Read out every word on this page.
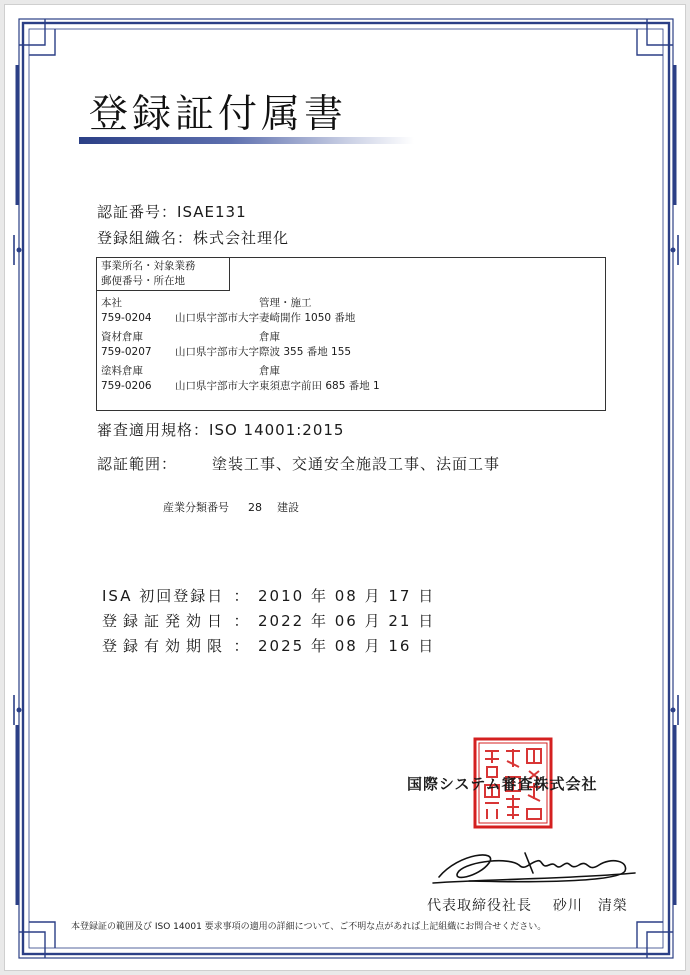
登録証付属書
認証番号：ISAE131
登録組織名：株式会社理化
事業所名・対象業務
郵便番号・所在地
本社	管理・施工
759-0204 山口県宇部市大字妻崎開作 1050 番地
資材倉庫	倉庫
759-0207 山口県宇部市大字際波 355 番地 155
塗料倉庫	倉庫
759-0206 山口県宇部市大字東須恵字前田 685 番地 1
審査適用規格：ISO 14001:2015
認証範囲： 塗装工事、交通安全施設工事、法面工事
産業分類番号 28 建設
ISA 初回登録日 ： 2010 年 08 月 17 日
登録証発効日 ： 2022 年 06 月 21 日
登録有効期限 ： 2025 年 08 月 16 日
国際システム審査株式会社
代表取締役社長 砂川　清榮
本登録証の範囲及び ISO 14001 要求事項の適用の詳細について、ご不明な点があれば上記組織にお問合せください。
